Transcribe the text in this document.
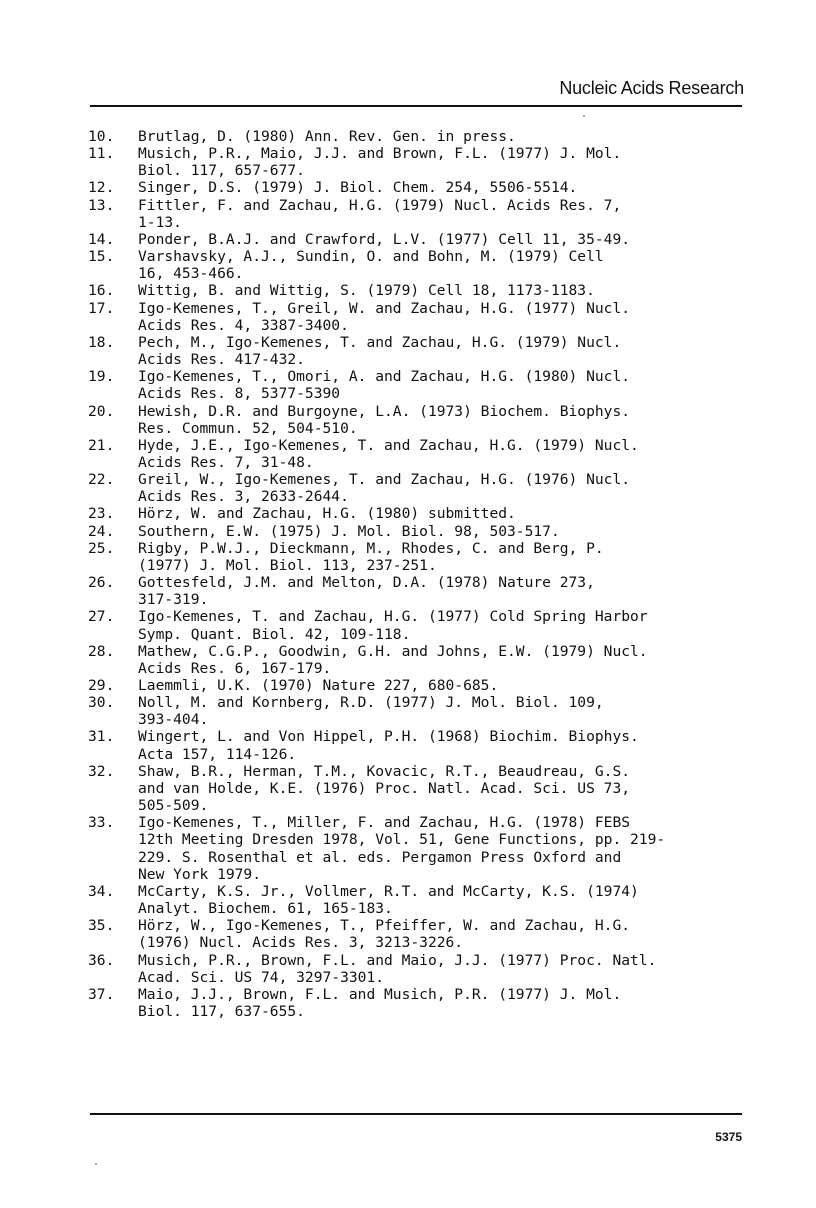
Nucleic Acids Research
10.	Brutlag, D. (1980) Ann. Rev. Gen. in press.
11.	Musich, P.R., Maio, J.J. and Brown, F.L. (1977) J. Mol.
Biol. 117, 657-677.
12.	Singer, D.S. (1979) J. Biol. Chem. 254, 5506-5514.
13.	Fittler, F. and Zachau, H.G. (1979) Nucl. Acids Res. 7,
1-13.
14.	Ponder, B.A.J. and Crawford, L.V. (1977) Cell 11, 35-49.
15.	Varshavsky, A.J., Sundin, O. and Bohn, M. (1979) Cell
16, 453-466.
16.	Wittig, B. and Wittig, S. (1979) Cell 18, 1173-1183.
17.	Igo-Kemenes, T., Greil, W. and Zachau, H.G. (1977) Nucl.
Acids Res. 4, 3387-3400.
18.	Pech, M., Igo-Kemenes, T. and Zachau, H.G. (1979) Nucl.
Acids Res. 417-432.
19.	Igo-Kemenes, T., Omori, A. and Zachau, H.G. (1980) Nucl.
Acids Res. 8, 5377-5390
20.	Hewish, D.R. and Burgoyne, L.A. (1973) Biochem. Biophys.
Res. Commun. 52, 504-510.
21.	Hyde, J.E., Igo-Kemenes, T. and Zachau, H.G. (1979) Nucl.
Acids Res. 7, 31-48.
22.	Greil, W., Igo-Kemenes, T. and Zachau, H.G. (1976) Nucl.
Acids Res. 3, 2633-2644.
23.	Hörz, W. and Zachau, H.G. (1980) submitted.
24.	Southern, E.W. (1975) J. Mol. Biol. 98, 503-517.
25.	Rigby, P.W.J., Dieckmann, M., Rhodes, C. and Berg, P.
(1977) J. Mol. Biol. 113, 237-251.
26.	Gottesfeld, J.M. and Melton, D.A. (1978) Nature 273,
317-319.
27.	Igo-Kemenes, T. and Zachau, H.G. (1977) Cold Spring Harbor
Symp. Quant. Biol. 42, 109-118.
28.	Mathew, C.G.P., Goodwin, G.H. and Johns, E.W. (1979) Nucl.
Acids Res. 6, 167-179.
29.	Laemmli, U.K. (1970) Nature 227, 680-685.
30.	Noll, M. and Kornberg, R.D. (1977) J. Mol. Biol. 109,
393-404.
31.	Wingert, L. and Von Hippel, P.H. (1968) Biochim. Biophys.
Acta 157, 114-126.
32.	Shaw, B.R., Herman, T.M., Kovacic, R.T., Beaudreau, G.S.
and van Holde, K.E. (1976) Proc. Natl. Acad. Sci. US 73,
505-509.
33.	Igo-Kemenes, T., Miller, F. and Zachau, H.G. (1978) FEBS
12th Meeting Dresden 1978, Vol. 51, Gene Functions, pp. 219-
229. S. Rosenthal et al. eds. Pergamon Press Oxford and
New York 1979.
34.	McCarty, K.S. Jr., Vollmer, R.T. and McCarty, K.S. (1974)
Analyt. Biochem. 61, 165-183.
35.	Hörz, W., Igo-Kemenes, T., Pfeiffer, W. and Zachau, H.G.
(1976) Nucl. Acids Res. 3, 3213-3226.
36.	Musich, P.R., Brown, F.L. and Maio, J.J. (1977) Proc. Natl.
Acad. Sci. US 74, 3297-3301.
37.	Maio, J.J., Brown, F.L. and Musich, P.R. (1977) J. Mol.
Biol. 117, 637-655.
5375
